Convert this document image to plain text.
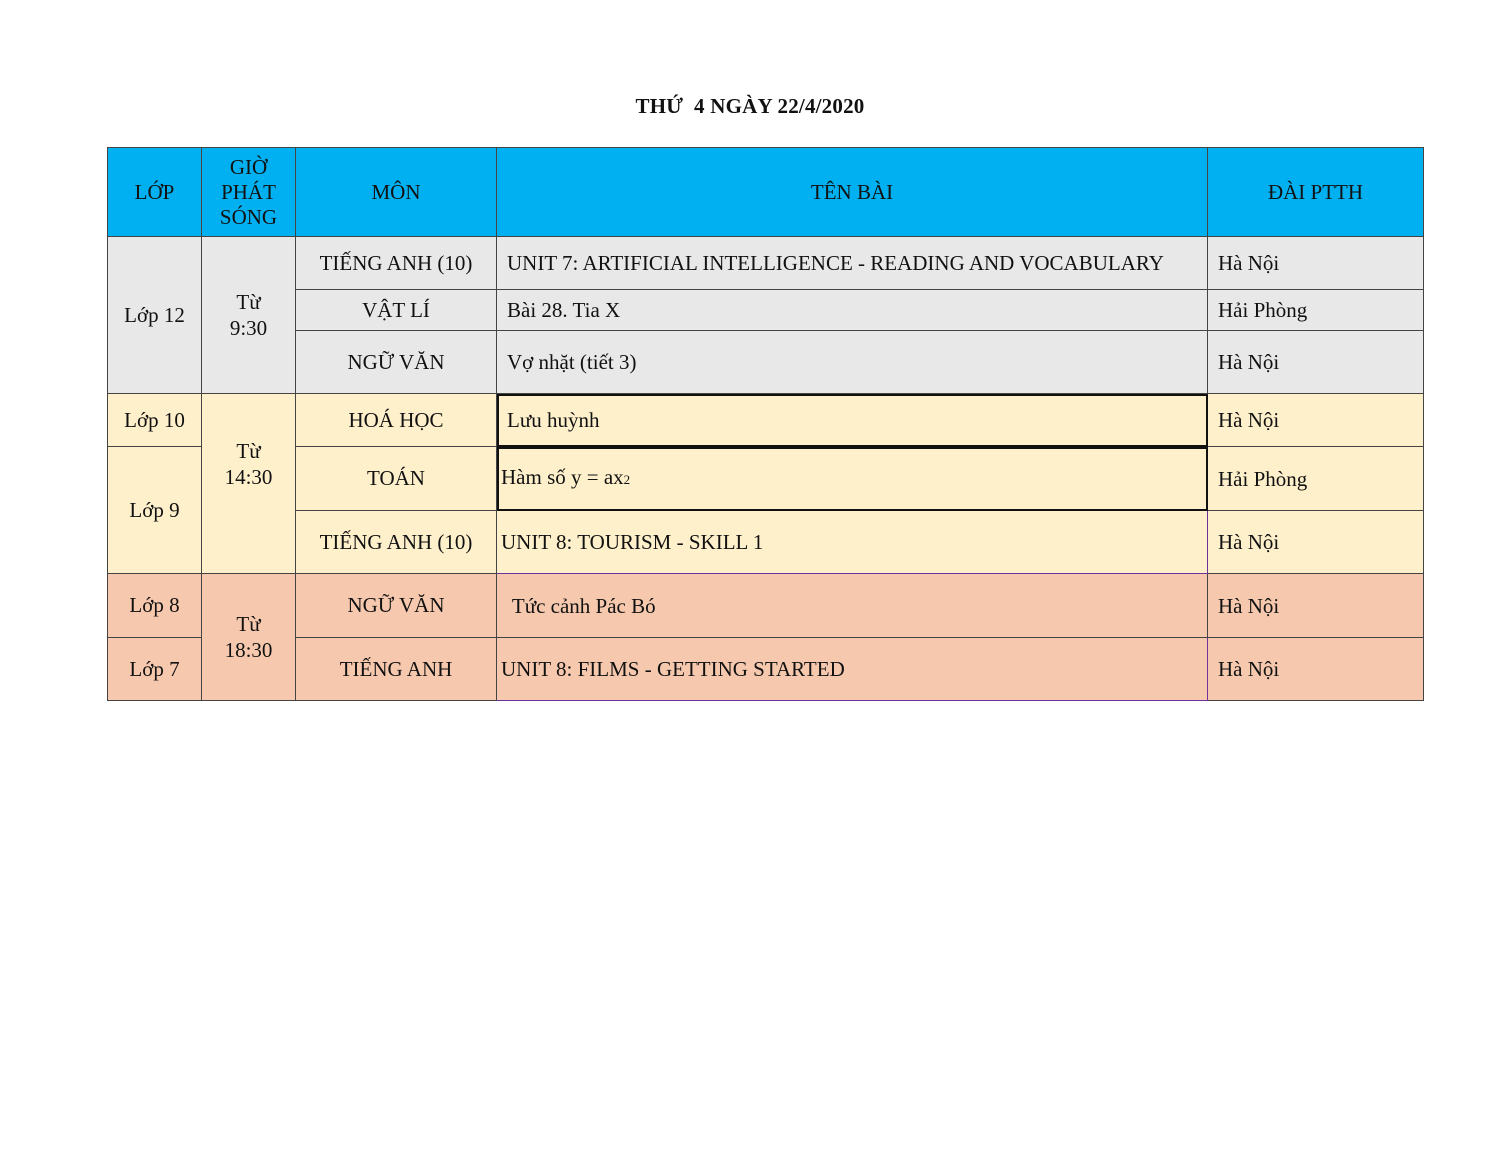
THỨ  4 NGÀY 22/4/2020
LỚP	GIỜ PHÁT SÓNG	MÔN	TÊN BÀI	ĐÀI PTTH
Lớp 12	Từ 9:30	TIẾNG ANH (10)	UNIT 7: ARTIFICIAL INTELLIGENCE - READING AND VOCABULARY	Hà Nội
		VẬT LÍ	Bài 28. Tia X	Hải Phòng
		NGỮ VĂN	Vợ nhặt (tiết 3)	Hà Nội
Lớp 10	Từ 14:30	HOÁ HỌC	Lưu huỳnh	Hà Nội
Lớp 9		TOÁN	Hàm số y = ax2	Hải Phòng
		TIẾNG ANH (10)	UNIT 8: TOURISM - SKILL 1	Hà Nội
Lớp 8	Từ 18:30	NGỮ VĂN	Tức cảnh Pác Bó	Hà Nội
Lớp 7		TIẾNG ANH	UNIT 8: FILMS - GETTING STARTED	Hà Nội
